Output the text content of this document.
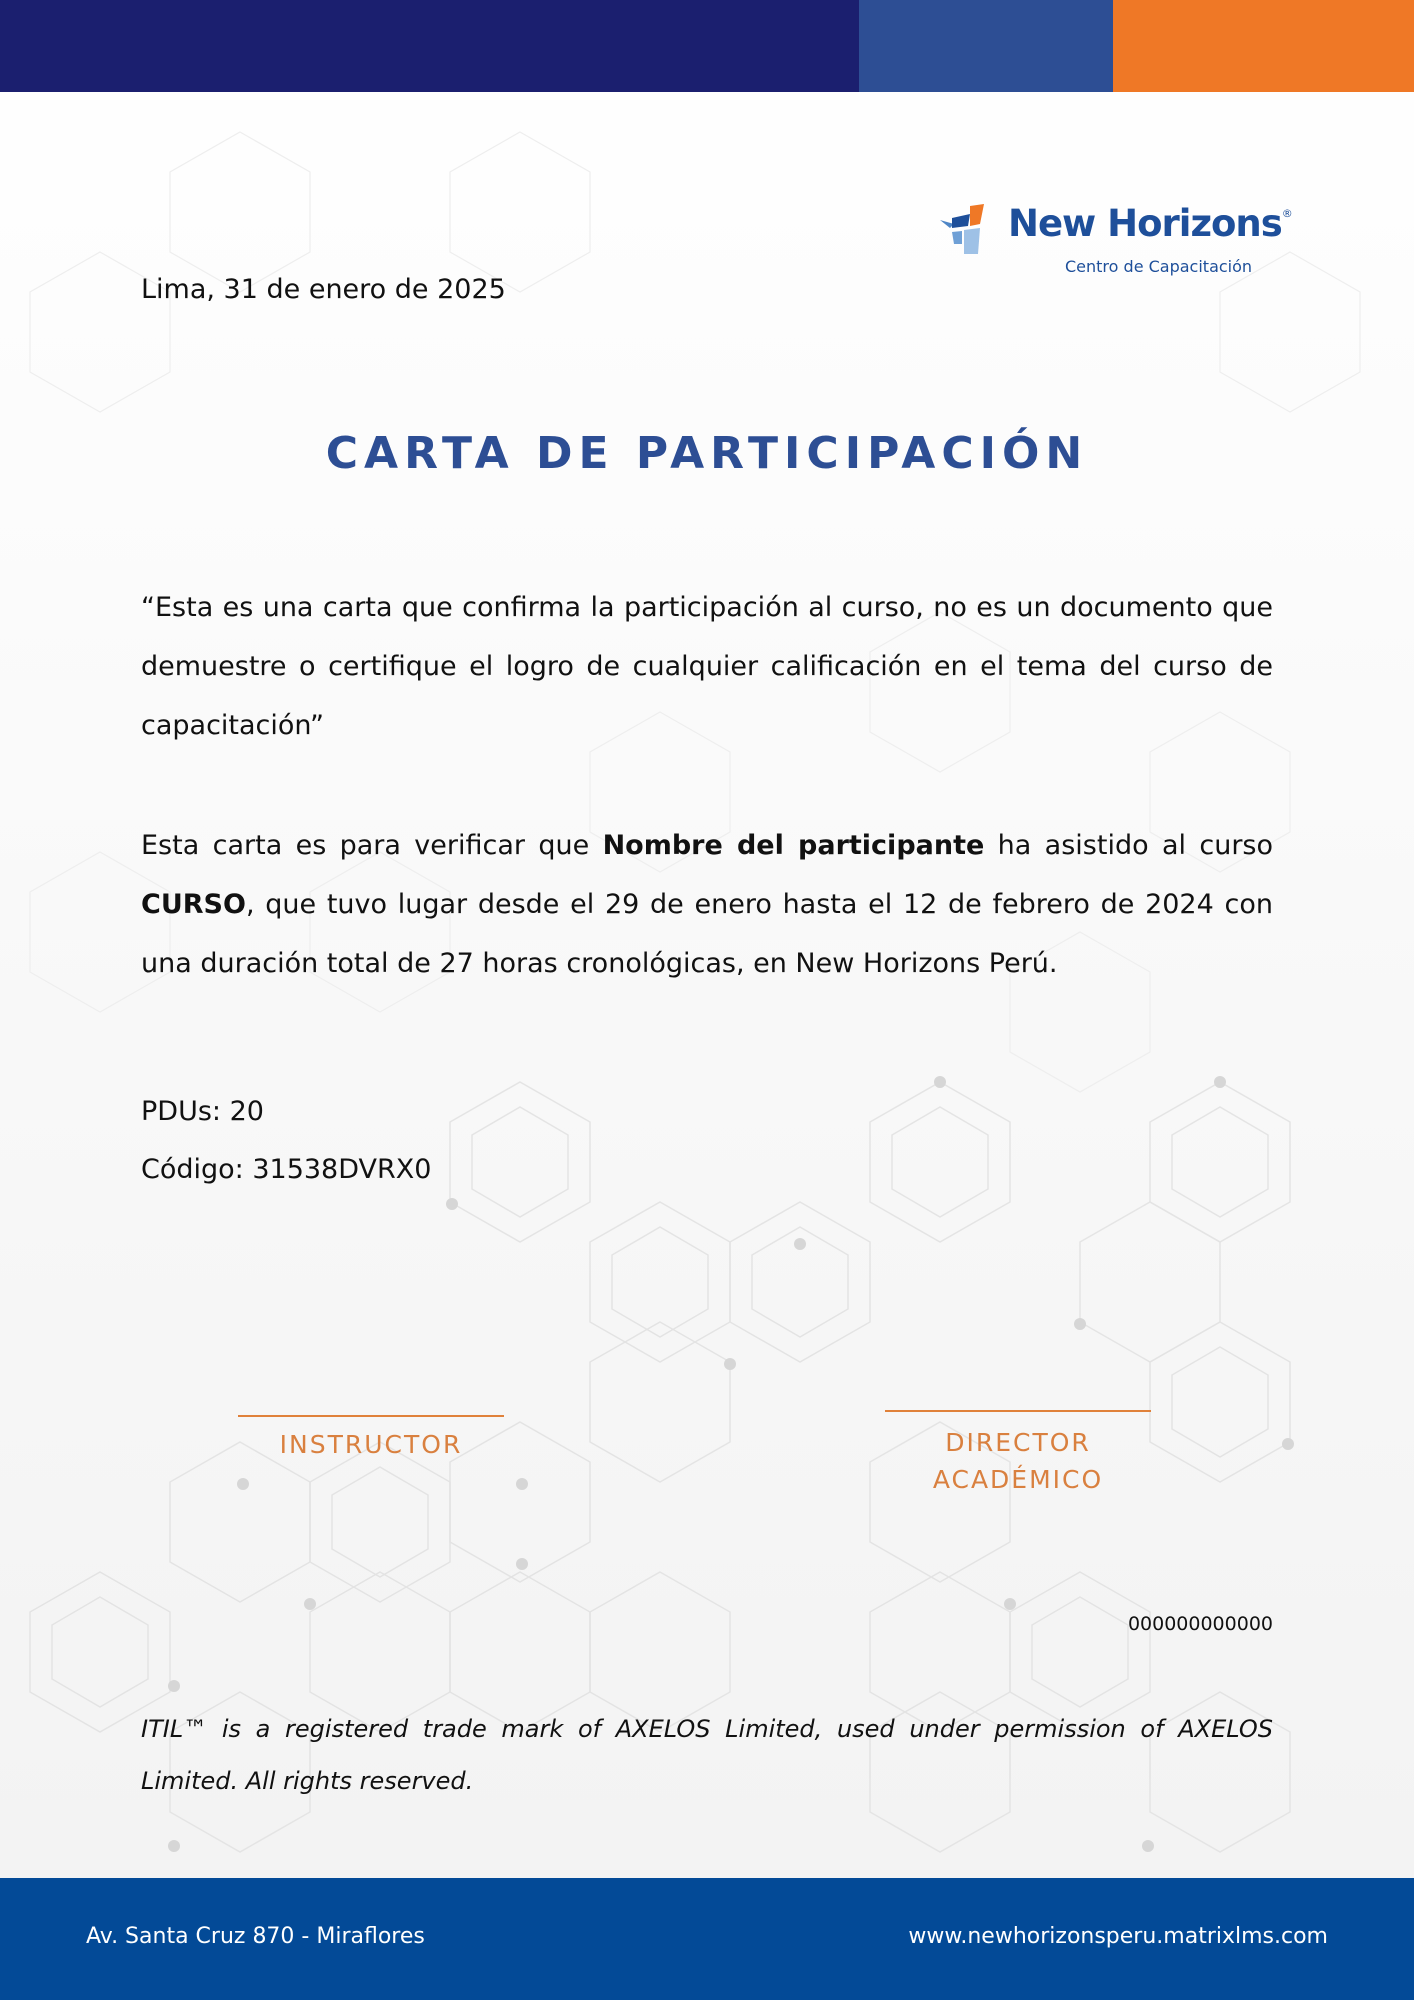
New Horizons®
Centro de Capacitación
Lima, 31 de enero de 2025
CARTA DE PARTICIPACIÓN
“Esta es una carta que confirma la participación al curso, no es un documento que demuestre o certifique el logro de cualquier calificación en el tema del curso de capacitación”
Esta carta es para verificar que Nombre del participante ha asistido al curso CURSO, que tuvo lugar desde el 29 de enero hasta el 12 de febrero de 2024 con una duración total de 27 horas cronológicas, en New Horizons Perú.
PDUs: 20
Código: 31538DVRX0
INSTRUCTOR	DIRECTOR
ACADÉMICO
000000000000
ITIL™ is a registered trade mark of AXELOS Limited, used under permission of AXELOS Limited. All rights reserved.
Av. Santa Cruz 870 - Miraflores	www.newhorizonsperu.matrixlms.com
